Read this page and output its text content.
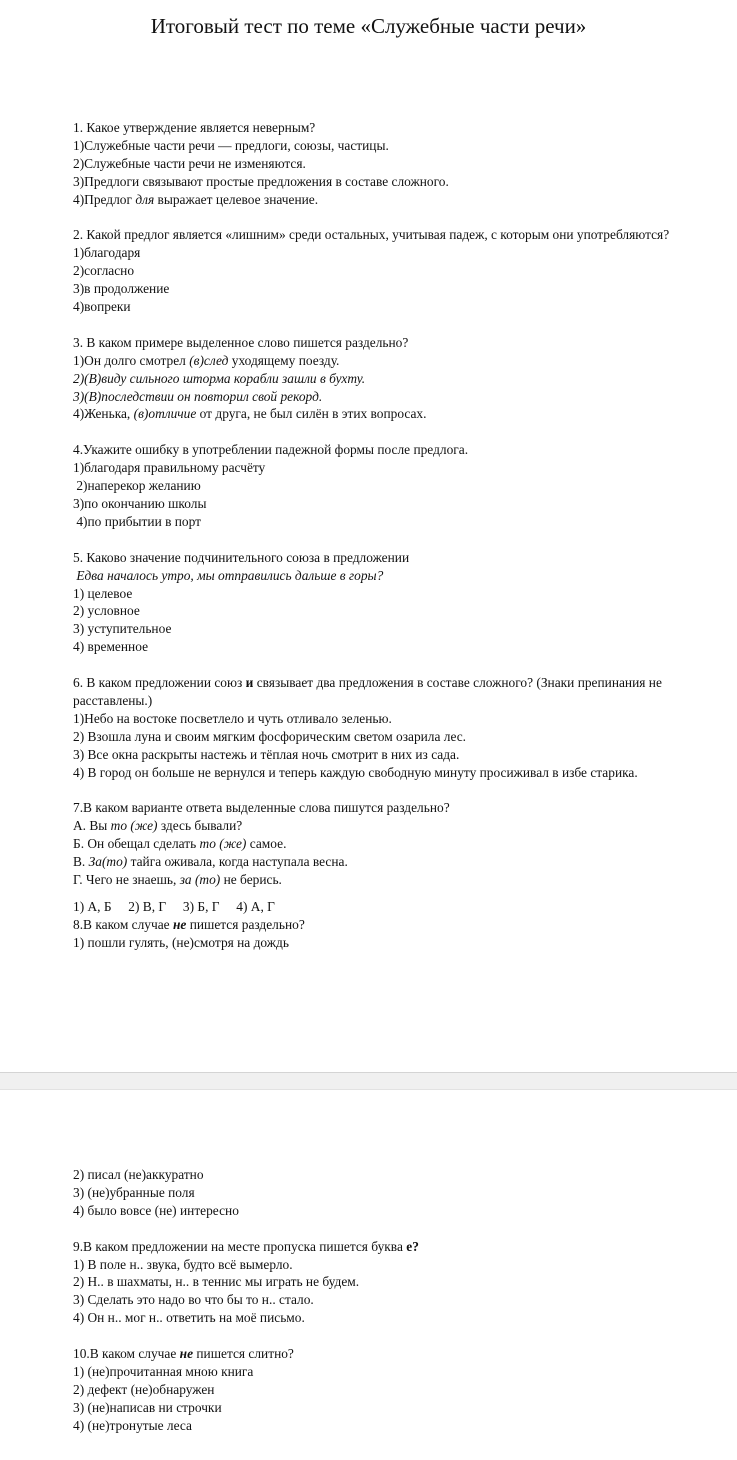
Итоговый тест по теме «Служебные части речи»
1. Какое утверждение является неверным?
1)Служебные части речи — предлоги, союзы, частицы.
2)Служебные части речи не изменяются.
3)Предлоги связывают простые предложения в составе сложного.
4)Предлог для выражает целевое значение.
2. Какой предлог является «лишним» среди остальных, учитывая падеж, с которым они употребляются?
1)благодаря
2)согласно
3)в продолжение
4)вопреки
3. В каком примере выделенное слово пишется раздельно?
1)Он долго смотрел (в)след уходящему поезду.
2)(В)виду сильного шторма корабли зашли в бухту.
3)(В)последствии он повторил свой рекорд.
4)Женька, (в)отличие от друга, не был силён в этих вопросах.
4.Укажите ошибку в употреблении падежной формы после предлога.
1)благодаря правильному расчёту
2)наперекор желанию
3)по окончанию школы
4)по прибытии в порт
5. Каково значение подчинительного союза в предложении
Едва началось утро, мы отправились дальше в горы?
1) целевое
2) условное
3) уступительное
4) временное
6. В каком предложении союз и связывает два предложения в составе сложного? (Знаки препинания не расставлены.)
1)Небо на востоке посветлело и чуть отливало зеленью.
2) Взошла луна и своим мягким фосфорическим светом озарила лес.
3) Все окна раскрыты настежь и тёплая ночь смотрит в них из сада.
4) В город он больше не вернулся и теперь каждую свободную минуту просиживал в избе старика.
7.В каком варианте ответа выделенные слова пишутся раздельно?
А. Вы то (же) здесь бывали?
Б. Он обещал сделать то (же) самое.
В. За(то) тайга оживала, когда наступала весна.
Г. Чего не знаешь, за (то) не берись.
1) А, Б     2) В, Г     3) Б, Г     4) А, Г
8.В каком случае не пишется раздельно?
1) пошли гулять, (не)смотря на дождь
2) писал (не)аккуратно
3) (не)убранные поля
4) было вовсе (не) интересно
9.В каком предложении на месте пропуска пишется буква е?
1) В поле н.. звука, будто всё вымерло.
2) Н.. в шахматы, н.. в теннис мы играть не будем.
3) Сделать это надо во что бы то н.. стало.
4) Он н.. мог н.. ответить на моё письмо.
10.В каком случае не пишется слитно?
1) (не)прочитанная мною книга
2) дефект (не)обнаружен
3) (не)написав ни строчки
4) (не)тронутые леса
